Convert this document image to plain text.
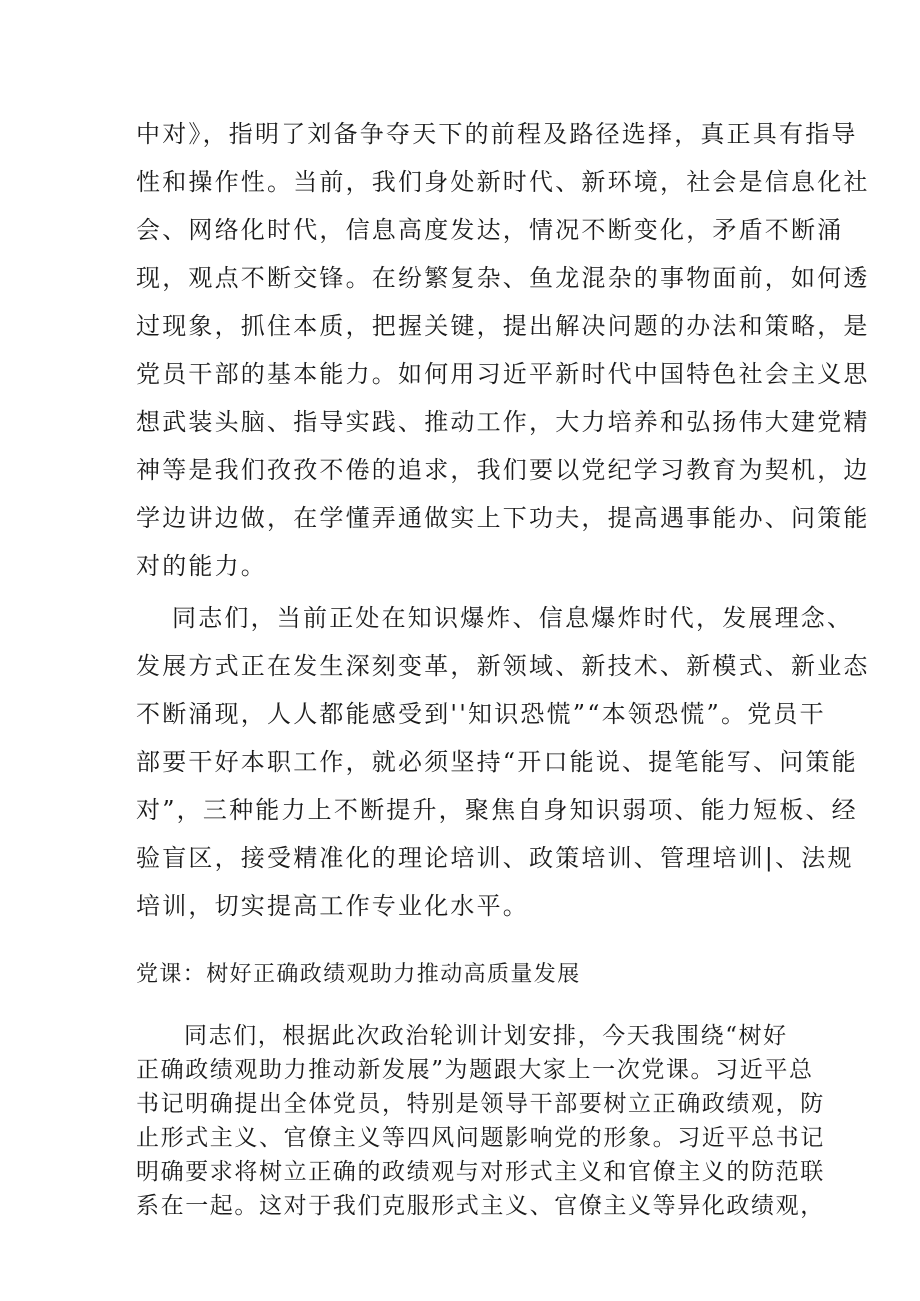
中对》，指明了刘备争夺天下的前程及路径选择，真正具有指导
性和操作性。当前，我们身处新时代、新环境，社会是信息化社
会、网络化时代，信息高度发达，情况不断变化，矛盾不断涌
现，观点不断交锋。在纷繁复杂、鱼龙混杂的事物面前，如何透
过现象，抓住本质，把握关键，提出解决问题的办法和策略，是
党员干部的基本能力。如何用习近平新时代中国特色社会主义思
想武装头脑、指导实践、推动工作，大力培养和弘扬伟大建党精
神等是我们孜孜不倦的追求，我们要以党纪学习教育为契机，边
学边讲边做，在学懂弄通做实上下功夫，提高遇事能办、问策能
对的能力。
同志们，当前正处在知识爆炸、信息爆炸时代，发展理念、
发展方式正在发生深刻变革，新领域、新技术、新模式、新业态
不断涌现，人人都能感受到''知识恐慌”“本领恐慌”。党员干
部要干好本职工作，就必须坚持“开口能说、提笔能写、问策能
对”，三种能力上不断提升，聚焦自身知识弱项、能力短板、经
验盲区，接受精准化的理论培训、政策培训、管理培训|、法规
培训，切实提高工作专业化水平。
党课：树好正确政绩观助力推动高质量发展
同志们，根据此次政治轮训计划安排，今天我围绕“树好
正确政绩观助力推动新发展”为题跟大家上一次党课。习近平总
书记明确提出全体党员，特别是领导干部要树立正确政绩观，防
止形式主义、官僚主义等四风问题影响党的形象。习近平总书记
明确要求将树立正确的政绩观与对形式主义和官僚主义的防范联
系在一起。这对于我们克服形式主义、官僚主义等异化政绩观，
